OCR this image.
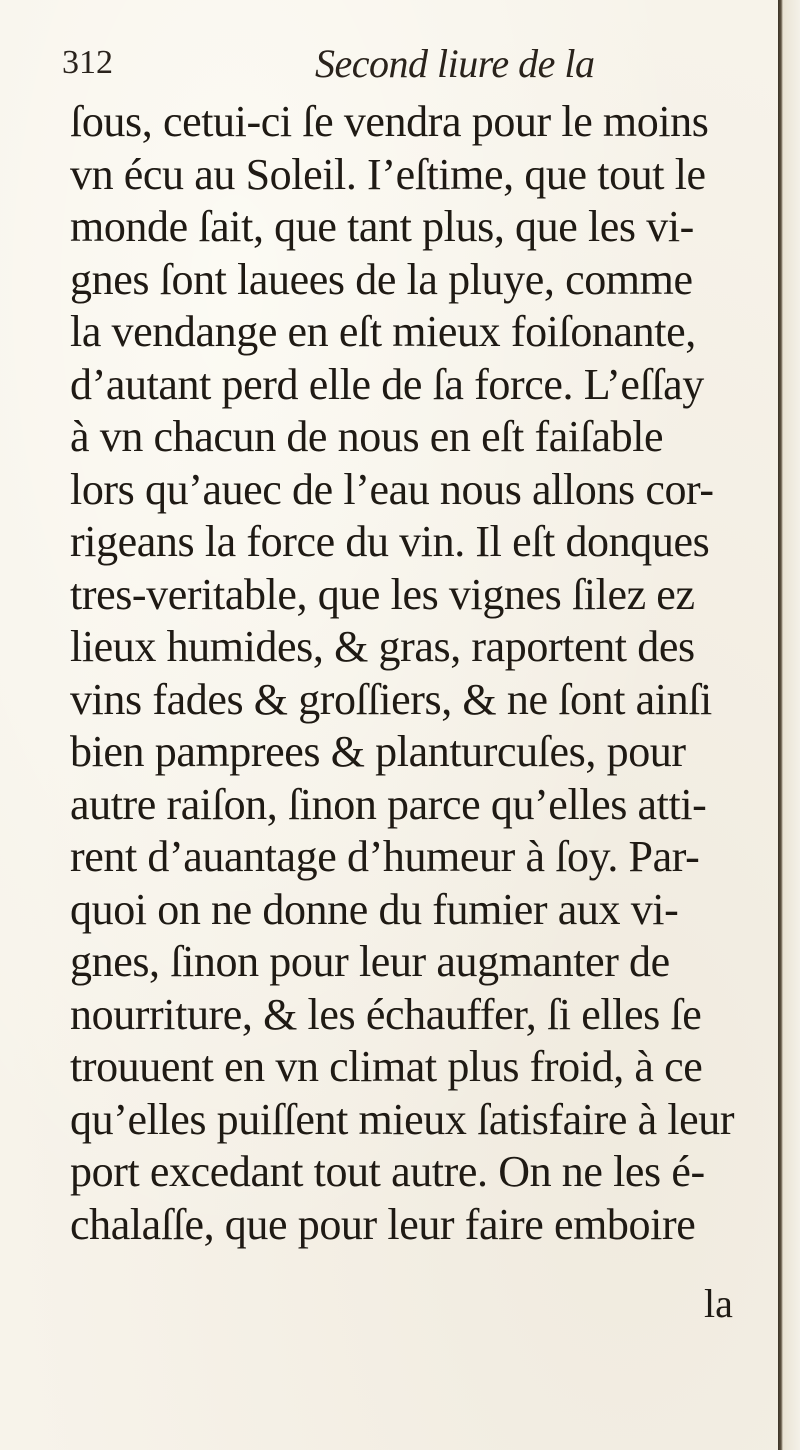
312	Second liure de la
ſous, cetui-ci ſe vendra pour le moins
vn écu au Soleil. I’eſtime, que tout le
monde ſait, que tant plus, que les vi-
gnes ſont lauees de la pluye, comme
la vendange en eſt mieux foiſonante,
d’autant perd elle de ſa force. L’eſſay
à vn chacun de nous en eſt faiſable
lors qu’auec de l’eau nous allons cor-
rigeans la force du vin. Il eſt donques
tres-veritable, que les vignes ſilez ez
lieux humides, & gras, raportent des
vins fades & groſſiers, & ne ſont ainſi
bien pamprees & planturcuſes, pour
autre raiſon, ſinon parce qu’elles atti-
rent d’auantage d’humeur à ſoy. Par-
quoi on ne donne du fumier aux vi-
gnes, ſinon pour leur augmanter de
nourriture, & les échauffer, ſi elles ſe
trouuent en vn climat plus froid, à ce
qu’elles puiſſent mieux ſatisfaire à leur
port excedant tout autre. On ne les é-
chalaſſe, que pour leur faire emboire
la
